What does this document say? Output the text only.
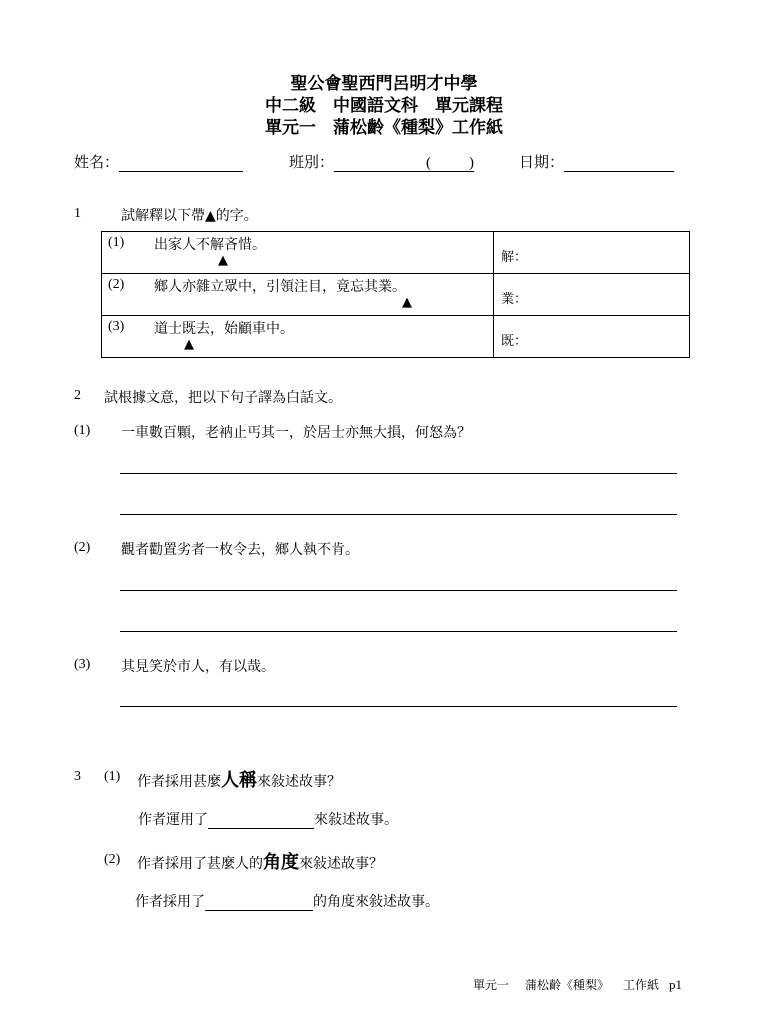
聖公會聖西門呂明才中學
中二級　中國語文科　單元課程
單元一　蒲松齡《種梨》工作紙
姓名：	班別：	(	)	日期：
1	試解釋以下帶▲的字。
(1) 出家人不解吝惜。
▲	解：

(2) 鄉人亦雜立眾中，引領注目，竟忘其業。
▲	業：

(3) 道士既去，始顧車中。
▲	既：
2 試根據文意，把以下句子譯為白話文。
(1) 一車數百顆，老衲止丐其一，於居士亦無大損，何怒為？
(2) 觀者勸置劣者一枚令去，鄉人執不肯。
(3) 其見笑於市人，有以哉。
3 (1) 作者採用甚麼人稱來敍述故事？
作者運用了	來敍述故事。
(2) 作者採用了甚麼人的角度來敍述故事？
作者採用了	的角度來敍述故事。
單元一 蒲松齡《種梨》 工作紙 p1
